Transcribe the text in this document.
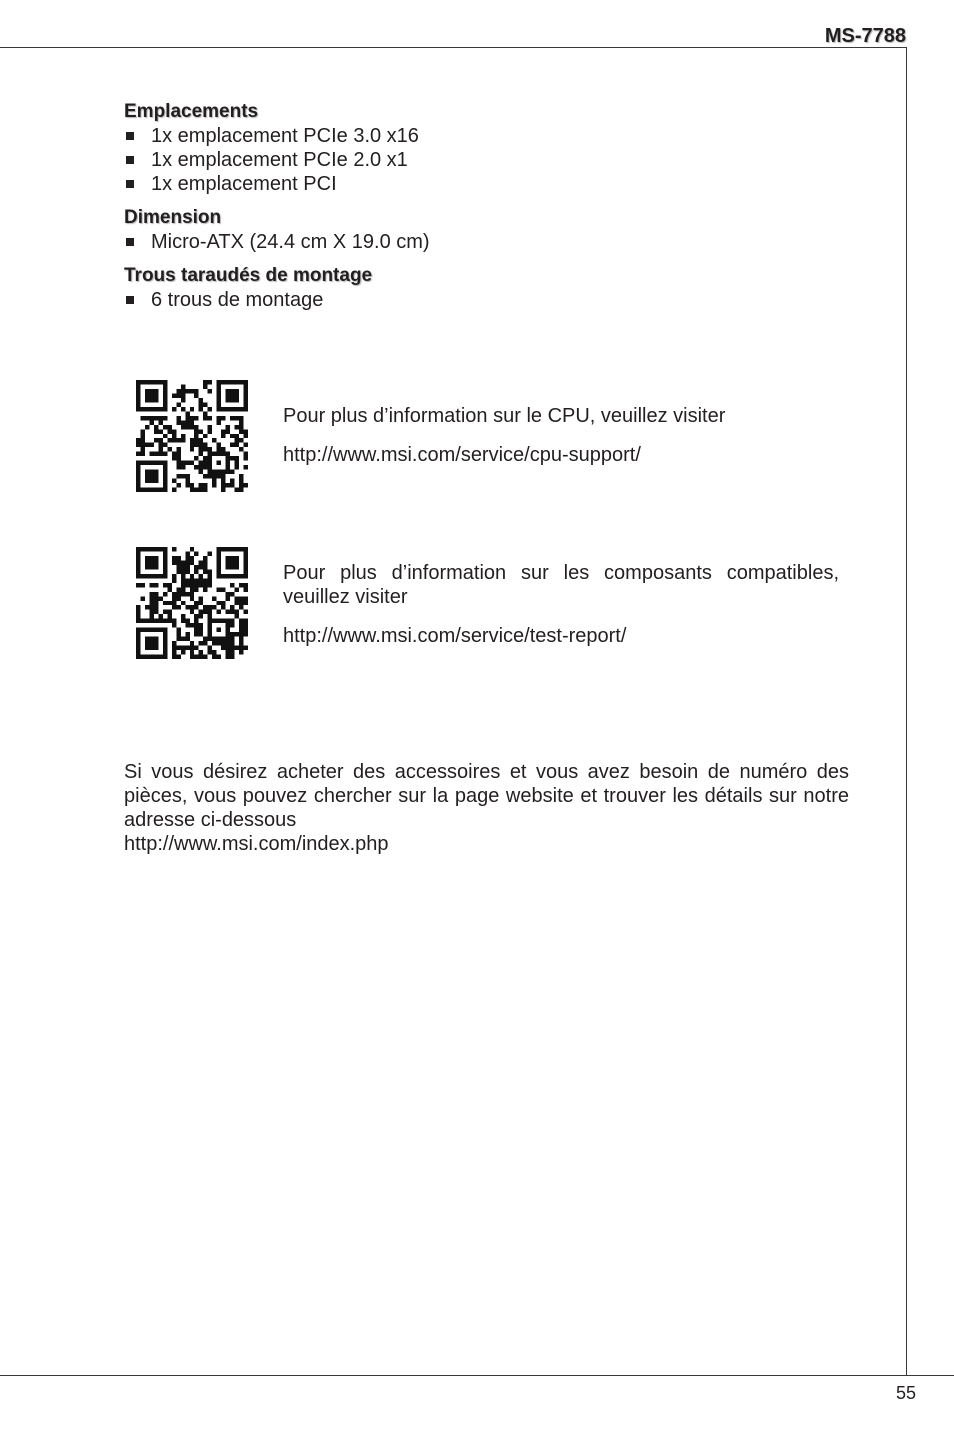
MS-7788
Emplacements
1x emplacement PCIe 3.0 x16
1x emplacement PCIe 2.0 x1
1x emplacement PCI
Dimension
Micro-ATX (24.4 cm X 19.0 cm)
Trous taraudés de montage
6 trous de montage
Pour plus d’information sur le CPU, veuillez visiter
http://www.msi.com/service/cpu-support/
Pour plus d’information sur les composants compatibles, veuillez visiter
http://www.msi.com/service/test-report/
Si vous désirez acheter des accessoires et vous avez besoin de numéro des pièces, vous pouvez chercher sur la page website et trouver les détails sur notre adresse ci-dessous
http://www.msi.com/index.php
55
